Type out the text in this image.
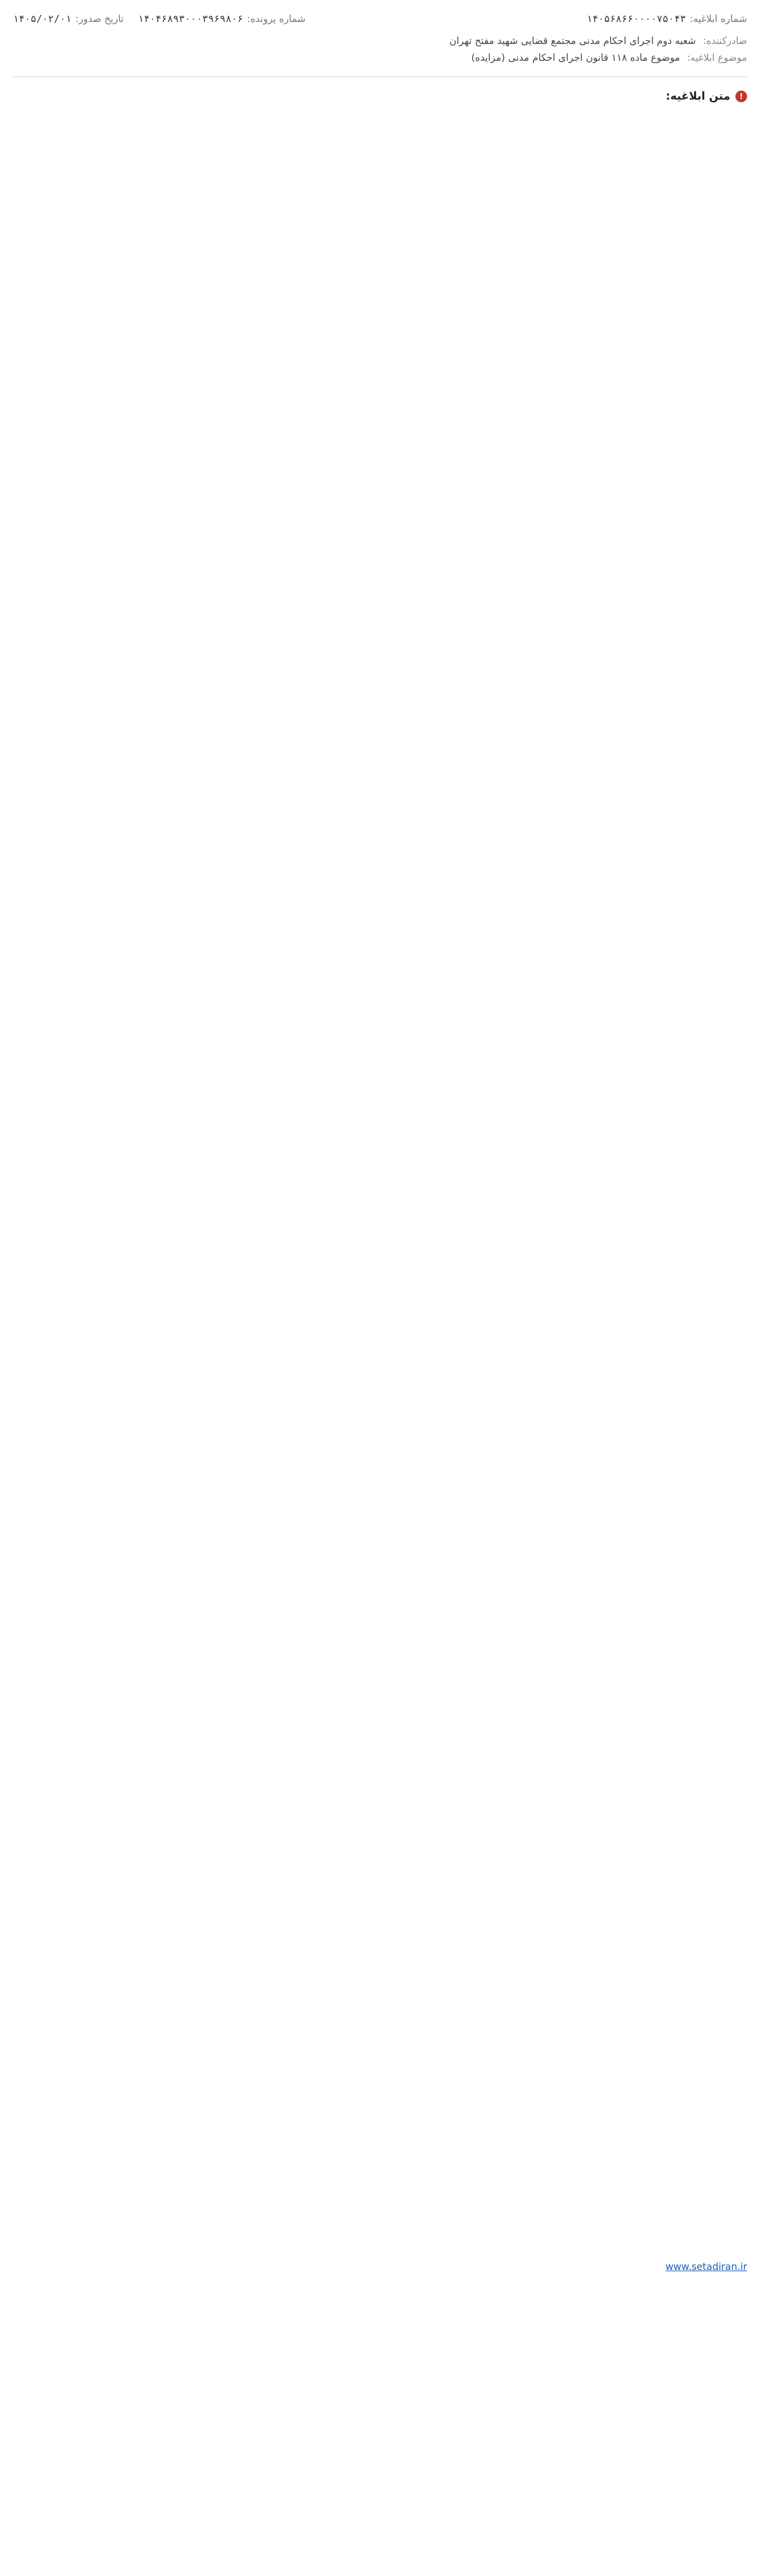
شماره ابلاغیه:
۱۴۰۵۶۸۶۶۰۰۰۰۷۵۰۴۳
شماره پرونده:
۱۴۰۴۶۸۹۳۰۰۰۳۹۶۹۸۰۶
تاریخ صدور:
۱۴۰۵/۰۲/۰۱
صادرکننده: شعبه دوم اجرای احکام مدنی مجتمع قضایی شهید مفتح تهران
موضوع ابلاغیه: موضوع ماده ۱۱۸ قانون اجرای احکام مدنی (مزایده)
!
متن ابلاغیه:
www.setadiran.ir
